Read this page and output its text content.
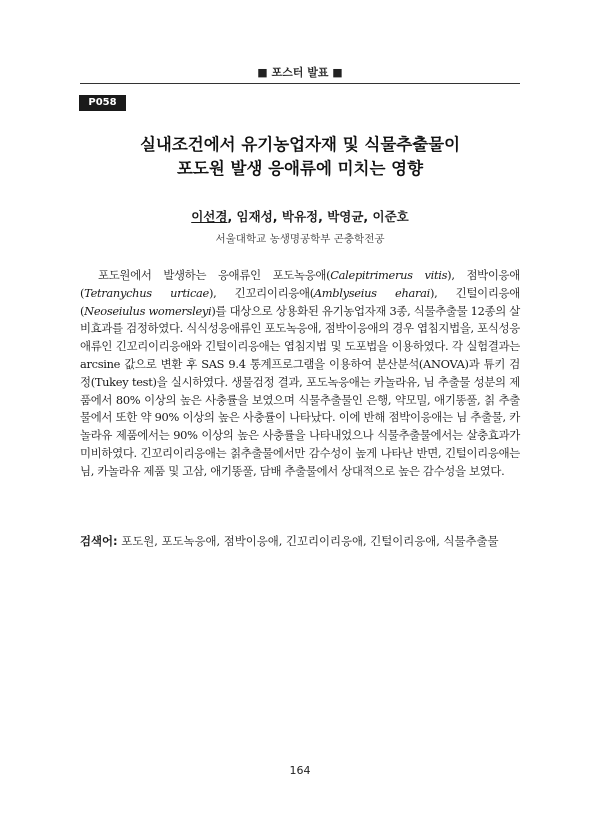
■ 포스터 발표 ■
P058
실내조건에서 유기농업자재 및 식물추출물이
포도원 발생 응애류에 미치는 영향
이선경, 임재성, 박유정, 박영균, 이준호
서울대학교 농생명공학부 곤충학전공

포도원에서 발생하는 응애류인 포도녹응애(Calepitrimerus vitis), 점박이응애(Tetranychus urticae), 긴꼬리이리응애(Amblyseius eharai), 긴털이리응애(Neoseiulus womersleyi)를 대상으로 상용화된 유기농업자재 3종, 식물추출물 12종의 살비효과를 검정하였다. 식식성응애류인 포도녹응애, 점박이응애의 경우 엽침지법을, 포식성응애류인 긴꼬리이리응애와 긴털이리응애는 엽침지법 및 도포법을 이용하였다. 각 실험결과는 arcsine 값으로 변환 후 SAS 9.4 통계프로그램을 이용하여 분산분석(ANOVA)과 튜키 검정(Tukey test)을 실시하였다. 생물검정 결과, 포도녹응애는 카놀라유, 님 추출물 성분의 제품에서 80% 이상의 높은 사충률을 보였으며 식물추출물인 은행, 약모밀, 애기똥풀, 칡 추출물에서 또한 약 90% 이상의 높은 사충률이 나타났다. 이에 반해 점박이응애는 님 추출물, 카놀라유 제품에서는 90% 이상의 높은 사충률을 나타내었으나 식물추출물에서는 살충효과가 미비하였다. 긴꼬리이리응애는 칡추출물에서만 감수성이 높게 나타난 반면, 긴털이리응애는 님, 카놀라유 제품 및 고삼, 애기똥풀, 담배 추출물에서 상대적으로 높은 감수성을 보였다.

검색어: 포도원, 포도녹응애, 점박이응애, 긴꼬리이리응애, 긴털이리응애, 식물추출물

164
